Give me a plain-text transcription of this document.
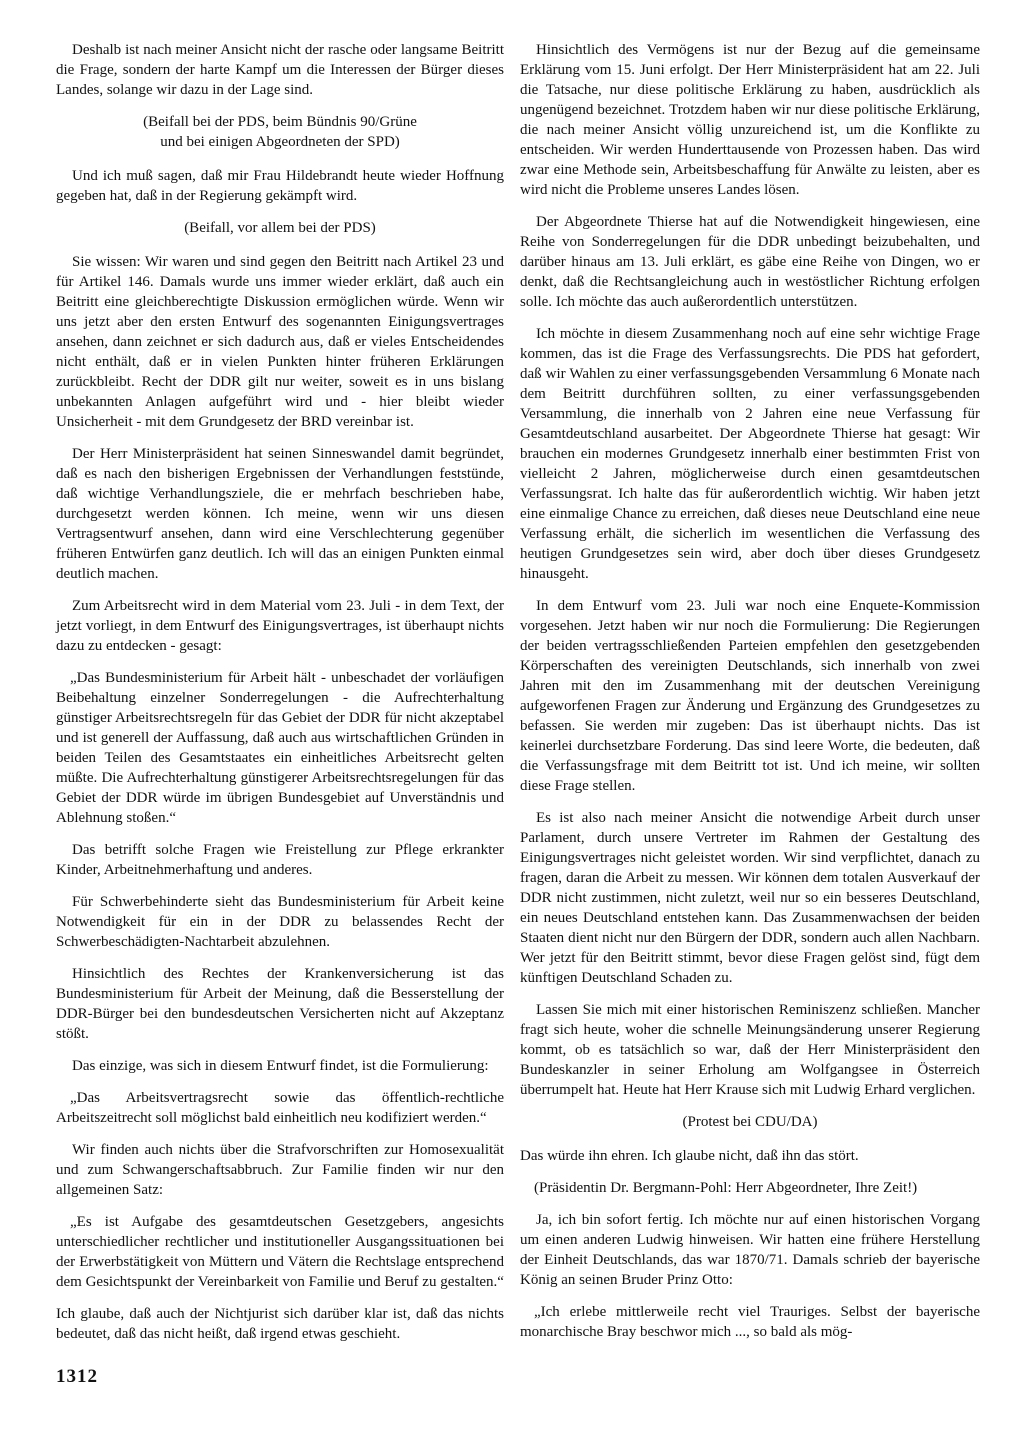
Deshalb ist nach meiner Ansicht nicht der rasche oder langsame Beitritt die Frage, sondern der harte Kampf um die Interessen der Bürger dieses Landes, solange wir dazu in der Lage sind.

(Beifall bei der PDS, beim Bündnis 90/Grüne
und bei einigen Abgeordneten der SPD)

Und ich muß sagen, daß mir Frau Hildebrandt heute wieder Hoffnung gegeben hat, daß in der Regierung gekämpft wird.

(Beifall, vor allem bei der PDS)

Sie wissen: Wir waren und sind gegen den Beitritt nach Artikel 23 und für Artikel 146. Damals wurde uns immer wieder erklärt, daß auch ein Beitritt eine gleichberechtigte Diskussion ermöglichen würde. Wenn wir uns jetzt aber den ersten Entwurf des sogenannten Einigungsvertrages ansehen, dann zeichnet er sich dadurch aus, daß er vieles Entscheidendes nicht enthält, daß er in vielen Punkten hinter früheren Erklärungen zurückbleibt. Recht der DDR gilt nur weiter, soweit es in uns bislang unbekannten Anlagen aufgeführt wird und - hier bleibt wieder Unsicherheit - mit dem Grundgesetz der BRD vereinbar ist.

Der Herr Ministerpräsident hat seinen Sinneswandel damit begründet, daß es nach den bisherigen Ergebnissen der Verhandlungen feststünde, daß wichtige Verhandlungsziele, die er mehrfach beschrieben habe, durchgesetzt werden können. Ich meine, wenn wir uns diesen Vertragsentwurf ansehen, dann wird eine Verschlechterung gegenüber früheren Entwürfen ganz deutlich. Ich will das an einigen Punkten einmal deutlich machen.

Zum Arbeitsrecht wird in dem Material vom 23. Juli - in dem Text, der jetzt vorliegt, in dem Entwurf des Einigungsvertrages, ist überhaupt nichts dazu zu entdecken - gesagt:

„Das Bundesministerium für Arbeit hält - unbeschadet der vorläufigen Beibehaltung einzelner Sonderregelungen - die Aufrechterhaltung günstiger Arbeitsrechtsregeln für das Gebiet der DDR für nicht akzeptabel und ist generell der Auffassung, daß auch aus wirtschaftlichen Gründen in beiden Teilen des Gesamtstaates ein einheitliches Arbeitsrecht gelten müßte. Die Aufrechterhaltung günstigerer Arbeitsrechtsregelungen für das Gebiet der DDR würde im übrigen Bundesgebiet auf Unverständnis und Ablehnung stoßen.“

Das betrifft solche Fragen wie Freistellung zur Pflege erkrankter Kinder, Arbeitnehmerhaftung und anderes.

Für Schwerbehinderte sieht das Bundesministerium für Arbeit keine Notwendigkeit für ein in der DDR zu belassendes Recht der Schwerbeschädigten-Nachtarbeit abzulehnen.

Hinsichtlich des Rechtes der Krankenversicherung ist das Bundesministerium für Arbeit der Meinung, daß die Besserstellung der DDR-Bürger bei den bundesdeutschen Versicherten nicht auf Akzeptanz stößt.

Das einzige, was sich in diesem Entwurf findet, ist die Formulierung:

„Das Arbeitsvertragsrecht sowie das öffentlich-rechtliche Arbeitszeitrecht soll möglichst bald einheitlich neu kodifiziert werden.“

Wir finden auch nichts über die Strafvorschriften zur Homosexualität und zum Schwangerschaftsabbruch. Zur Familie finden wir nur den allgemeinen Satz:

„Es ist Aufgabe des gesamtdeutschen Gesetzgebers, angesichts unterschiedlicher rechtlicher und institutioneller Ausgangssituationen bei der Erwerbstätigkeit von Müttern und Vätern die Rechtslage entsprechend dem Gesichtspunkt der Vereinbarkeit von Familie und Beruf zu gestalten.“

Ich glaube, daß auch der Nichtjurist sich darüber klar ist, daß das nichts bedeutet, daß das nicht heißt, daß irgend etwas geschieht.

Hinsichtlich des Vermögens ist nur der Bezug auf die gemeinsame Erklärung vom 15. Juni erfolgt. Der Herr Ministerpräsident hat am 22. Juli die Tatsache, nur diese politische Erklärung zu haben, ausdrücklich als ungenügend bezeichnet. Trotzdem haben wir nur diese politische Erklärung, die nach meiner Ansicht völlig unzureichend ist, um die Konflikte zu entscheiden. Wir werden Hunderttausende von Prozessen haben. Das wird zwar eine Methode sein, Arbeitsbeschaffung für Anwälte zu leisten, aber es wird nicht die Probleme unseres Landes lösen.

Der Abgeordnete Thierse hat auf die Notwendigkeit hingewiesen, eine Reihe von Sonderregelungen für die DDR unbedingt beizubehalten, und darüber hinaus am 13. Juli erklärt, es gäbe eine Reihe von Dingen, wo er denkt, daß die Rechtsangleichung auch in westöstlicher Richtung erfolgen solle. Ich möchte das auch außerordentlich unterstützen.

Ich möchte in diesem Zusammenhang noch auf eine sehr wichtige Frage kommen, das ist die Frage des Verfassungsrechts. Die PDS hat gefordert, daß wir Wahlen zu einer verfassungsgebenden Versammlung 6 Monate nach dem Beitritt durchführen sollten, zu einer verfassungsgebenden Versammlung, die innerhalb von 2 Jahren eine neue Verfassung für Gesamtdeutschland ausarbeitet. Der Abgeordnete Thierse hat gesagt: Wir brauchen ein modernes Grundgesetz innerhalb einer bestimmten Frist von vielleicht 2 Jahren, möglicherweise durch einen gesamtdeutschen Verfassungsrat. Ich halte das für außerordentlich wichtig. Wir haben jetzt eine einmalige Chance zu erreichen, daß dieses neue Deutschland eine neue Verfassung erhält, die sicherlich im wesentlichen die Verfassung des heutigen Grundgesetzes sein wird, aber doch über dieses Grundgesetz hinausgeht.

In dem Entwurf vom 23. Juli war noch eine Enquete-Kommission vorgesehen. Jetzt haben wir nur noch die Formulierung: Die Regierungen der beiden vertragsschließenden Parteien empfehlen den gesetzgebenden Körperschaften des vereinigten Deutschlands, sich innerhalb von zwei Jahren mit den im Zusammenhang mit der deutschen Vereinigung aufgeworfenen Fragen zur Änderung und Ergänzung des Grundgesetzes zu befassen. Sie werden mir zugeben: Das ist überhaupt nichts. Das ist keinerlei durchsetzbare Forderung. Das sind leere Worte, die bedeuten, daß die Verfassungsfrage mit dem Beitritt tot ist. Und ich meine, wir sollten diese Frage stellen.

Es ist also nach meiner Ansicht die notwendige Arbeit durch unser Parlament, durch unsere Vertreter im Rahmen der Gestaltung des Einigungsvertrages nicht geleistet worden. Wir sind verpflichtet, danach zu fragen, daran die Arbeit zu messen. Wir können dem totalen Ausverkauf der DDR nicht zustimmen, nicht zuletzt, weil nur so ein besseres Deutschland, ein neues Deutschland entstehen kann. Das Zusammenwachsen der beiden Staaten dient nicht nur den Bürgern der DDR, sondern auch allen Nachbarn. Wer jetzt für den Beitritt stimmt, bevor diese Fragen gelöst sind, fügt dem künftigen Deutschland Schaden zu.

Lassen Sie mich mit einer historischen Reminiszenz schließen. Mancher fragt sich heute, woher die schnelle Meinungsänderung unserer Regierung kommt, ob es tatsächlich so war, daß der Herr Ministerpräsident den Bundeskanzler in seiner Erholung am Wolfgangsee in Österreich überrumpelt hat. Heute hat Herr Krause sich mit Ludwig Erhard verglichen.

(Protest bei CDU/DA)

Das würde ihn ehren. Ich glaube nicht, daß ihn das stört.

(Präsidentin Dr. Bergmann-Pohl: Herr Abgeordneter, Ihre Zeit!)

Ja, ich bin sofort fertig. Ich möchte nur auf einen historischen Vorgang um einen anderen Ludwig hinweisen. Wir hatten eine frühere Herstellung der Einheit Deutschlands, das war 1870/71. Damals schrieb der bayerische König an seinen Bruder Prinz Otto:

„Ich erlebe mittlerweile recht viel Trauriges. Selbst der bayerische monarchische Bray beschwor mich ..., so bald als mög-

1312
